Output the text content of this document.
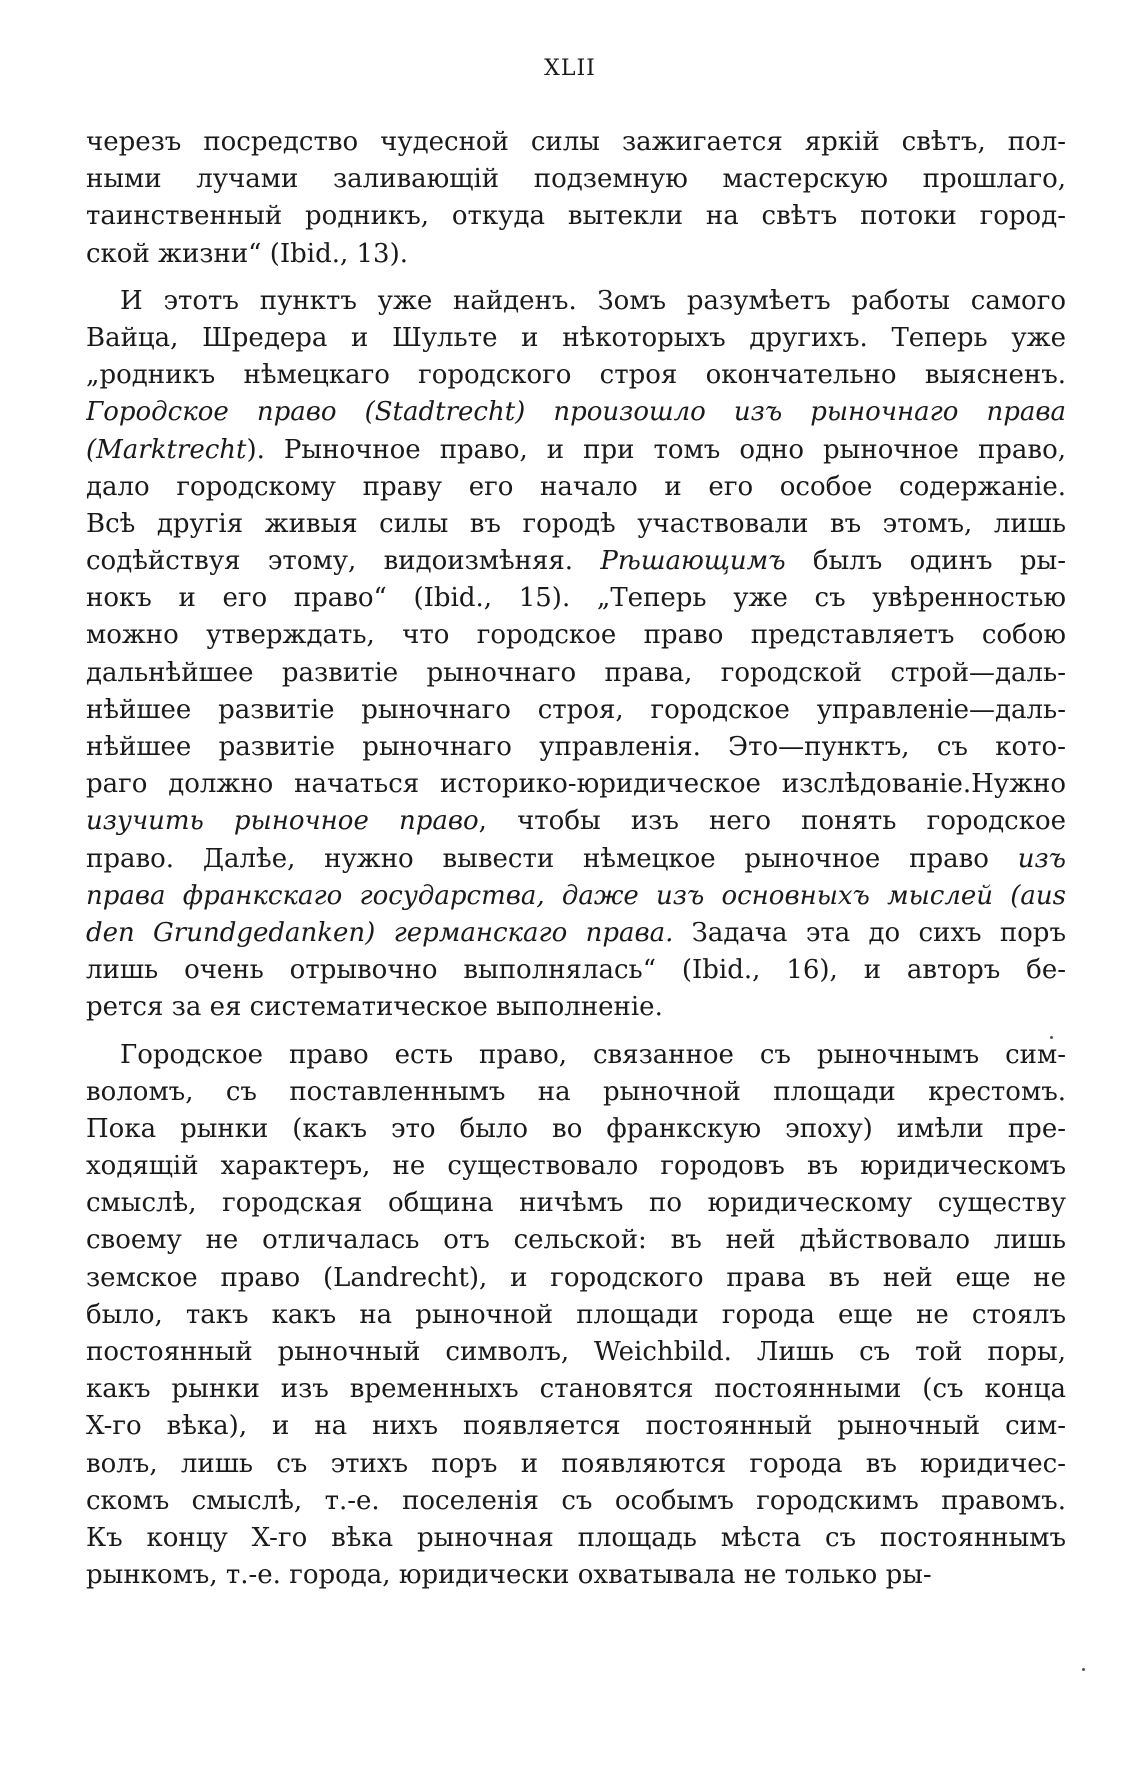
XLII
черезъ посредство чудесной силы зажигается яркій свѣтъ, пол-
ными лучами заливающій подземную мастерскую прошлаго,
таинственный родникъ, откуда вытекли на свѣтъ потоки город-
ской жизни“ (Ibid., 13).
И этотъ пунктъ уже найденъ. Зомъ разумѣетъ работы самого
Вайца, Шредера и Шульте и нѣкоторыхъ другихъ. Теперь уже
„родникъ нѣмецкаго городского строя окончательно выясненъ.
Городское право (Stadtrecht) произошло изъ рыночнаго права
(Marktrecht). Рыночное право, и при томъ одно рыночное право,
дало городскому праву его начало и его особое содержаніе.
Всѣ другія живыя силы въ городѣ участвовали въ этомъ, лишь
содѣйствуя этому, видоизмѣняя. Рѣшающимъ былъ одинъ ры-
нокъ и его право“ (Ibid., 15). „Теперь уже съ увѣренностью
можно утверждать, что городское право представляетъ собою
дальнѣйшее развитіе рыночнаго права, городской строй—даль-
нѣйшее развитіе рыночнаго строя, городское управленіе—даль-
нѣйшее развитіе рыночнаго управленія. Это—пунктъ, съ кото-
раго должно начаться историко-юридическое изслѣдованіе.Нужно
изучить рыночное право, чтобы изъ него понять городское
право. Далѣе, нужно вывести нѣмецкое рыночное право изъ
права франкскаго государства, даже изъ основныхъ мыслей (aus
den Grundgedanken) германскаго права. Задача эта до сихъ поръ
лишь очень отрывочно выполнялась“ (Ibid., 16), и авторъ бе-
рется за ея систематическое выполненіе.
Городское право есть право, связанное съ рыночнымъ сим-
воломъ, съ поставленнымъ на рыночной площади крестомъ.
Пока рынки (какъ это было во франкскую эпоху) имѣли пре-
ходящій характеръ, не существовало городовъ въ юридическомъ
смыслѣ, городская община ничѣмъ по юридическому существу
своему не отличалась отъ сельской: въ ней дѣйствовало лишь
земское право (Landrecht), и городского права въ ней еще не
было, такъ какъ на рыночной площади города еще не стоялъ
постоянный рыночный символъ, Weichbild. Лишь съ той поры,
какъ рынки изъ временныхъ становятся постоянными (съ конца
X-го вѣка), и на нихъ появляется постоянный рыночный сим-
волъ, лишь съ этихъ поръ и появляются города въ юридичес-
скомъ смыслѣ, т.-е. поселенія съ особымъ городскимъ правомъ.
Къ концу X-го вѣка рыночная площадь мѣста съ постояннымъ
рынкомъ, т.-е. города, юридически охватывала не только ры-
